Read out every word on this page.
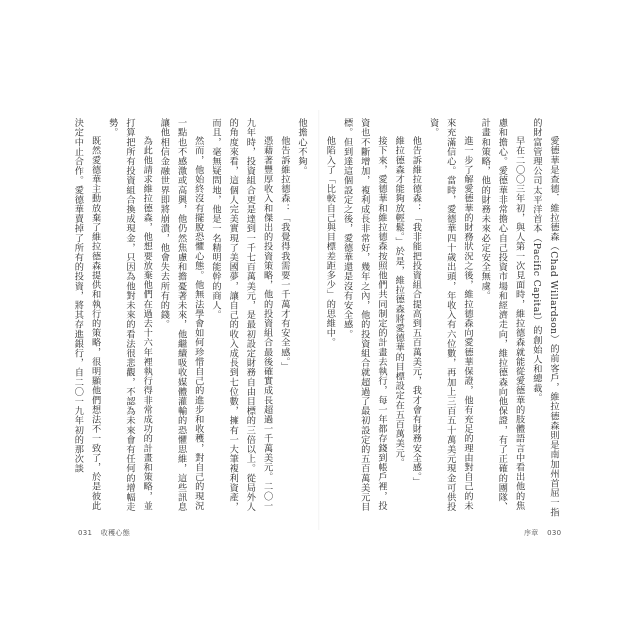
他擔心不夠。
他告訴維拉德森：「我覺得我需要一千萬才有安全感。」
憑藉著豐厚收入和傑出的投資策略，他的投資組合最後確實成長超過一千萬美元。二〇一九年時，投資組合更是達到一千七百萬美元，是最初設定財務自由目標的三倍以上。從局外人的角度來看，這個人完美實現了美國夢，讓自己的收入成長到七位數，擁有一大筆複利資產，而且，毫無疑問地，他是一名精明能幹的商人。
然而，他始終沒有擺脫恐懼心態。他無法學會如何珍惜自己的進步和收穫，對自己的現況一點也不感激或高興，他仍然焦慮和擔憂著未來，他繼續吸收媒體灌輸的恐懼思維，這些訊息讓他相信金融世界即將崩潰，他會失去所有的錢。
為此他請求維拉德森，他想要放棄他們在過去十六年裡執行得非常成功的計畫和策略，並打算把所有投資組合換成現金，只因為他對未來的看法很悲觀，不認為未來會有任何的增幅走勢。
既然愛德華主動放棄了維拉德森提供和執行的策略，很明顯他們想法不一致了，於是彼此決定中止合作。愛德華賣掉了所有的投資，將其存進銀行，自二〇一九年初的那次談	愛德華是查德．維拉德森（Chad Willardson）的前客戶，維拉德森則是南加州首屈一指的財富管理公司太平洋首本（Pacific Capital）的創始人和總裁。
早在二〇〇三年初，與人第一次見面時，維拉德森就能從愛德華的肢體語言中看出他的焦慮和擔心。愛德華非常擔心自己投資市場和經濟走向，維拉德森向他保證，有了正確的團隊、計畫和策略，他的財務未來必定安全無虞。
進一步了解愛德華的財務狀況之後，維拉德森向愛德華保證，他有充足的理由對自己的未來充滿信心。當時，愛德華四十歲出頭，年收入有六位數，再加上三百五十萬美元現金可供投資。
他告訴維拉德森：「我非能把投資組合提高到五百萬美元，我才會有財務安全感。」
維拉德森才能夠放輕鬆。」於是，維拉德森將愛德華的目標設定在五百萬美元。
接下來，愛德華和維拉德森按照他們共同制定的計畫去執行，每一年都存錢到帳戶裡，投資也不斷增加，複利成長非常好，幾年之內，他的投資組合就超過了最初設定的五百萬美元目標。但到達這個設定之後，愛德華還是沒有安全感。
他陷入了「比較自己與目標差距多少」的思維中。
031 收穫心態	序章 030
